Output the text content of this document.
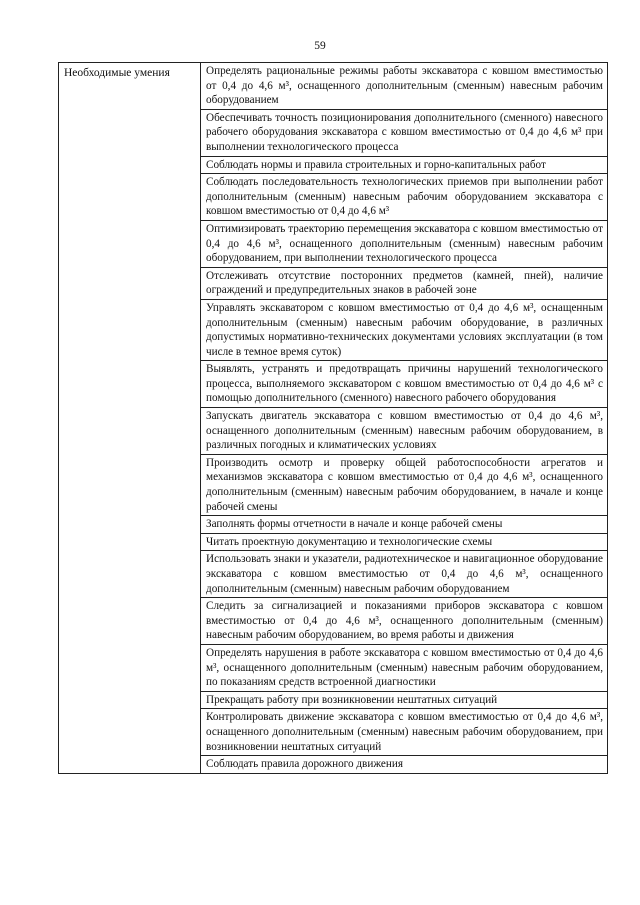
59
Необходимые умения	Определять рациональные режимы работы экскаватора с ковшом вместимостью от 0,4 до 4,6 м³, оснащенного дополнительным (сменным) навесным рабочим оборудованием
Обеспечивать точность позиционирования дополнительного (сменного) навесного рабочего оборудования экскаватора с ковшом вместимостью от 0,4 до 4,6 м³ при выполнении технологического процесса
Соблюдать нормы и правила строительных и горно-капитальных работ
Соблюдать последовательность технологических приемов при выполнении работ дополнительным (сменным) навесным рабочим оборудованием экскаватора с ковшом вместимостью от 0,4 до 4,6 м³
Оптимизировать траекторию перемещения экскаватора с ковшом вместимостью от 0,4 до 4,6 м³, оснащенного дополнительным (сменным) навесным рабочим оборудованием, при выполнении технологического процесса
Отслеживать отсутствие посторонних предметов (камней, пней), наличие ограждений и предупредительных знаков в рабочей зоне
Управлять экскаватором с ковшом вместимостью от 0,4 до 4,6 м³, оснащенным дополнительным (сменным) навесным рабочим оборудование, в различных допустимых нормативно-технических документами условиях эксплуатации (в том числе в темное время суток)
Выявлять, устранять и предотвращать причины нарушений технологического процесса, выполняемого экскаватором с ковшом вместимостью от 0,4 до 4,6 м³ с помощью дополнительного (сменного) навесного рабочего оборудования
Запускать двигатель экскаватора с ковшом вместимостью от 0,4 до 4,6 м³, оснащенного дополнительным (сменным) навесным рабочим оборудованием, в различных погодных и климатических условиях
Производить осмотр и проверку общей работоспособности агрегатов и механизмов экскаватора с ковшом вместимостью от 0,4 до 4,6 м³, оснащенного дополнительным (сменным) навесным рабочим оборудованием, в начале и конце рабочей смены
Заполнять формы отчетности в начале и конце рабочей смены
Читать проектную документацию и технологические схемы
Использовать знаки и указатели, радиотехническое и навигационное оборудование экскаватора с ковшом вместимостью от 0,4 до 4,6 м³, оснащенного дополнительным (сменным) навесным рабочим оборудованием
Следить за сигнализацией и показаниями приборов экскаватора с ковшом вместимостью от 0,4 до 4,6 м³, оснащенного дополнительным (сменным) навесным рабочим оборудованием, во время работы и движения
Определять нарушения в работе экскаватора с ковшом вместимостью от 0,4 до 4,6 м³, оснащенного дополнительным (сменным) навесным рабочим оборудованием, по показаниям средств встроенной диагностики
Прекращать работу при возникновении нештатных ситуаций
Контролировать движение экскаватора с ковшом вместимостью от 0,4 до 4,6 м³, оснащенного дополнительным (сменным) навесным рабочим оборудованием, при возникновении нештатных ситуаций
Соблюдать правила дорожного движения
